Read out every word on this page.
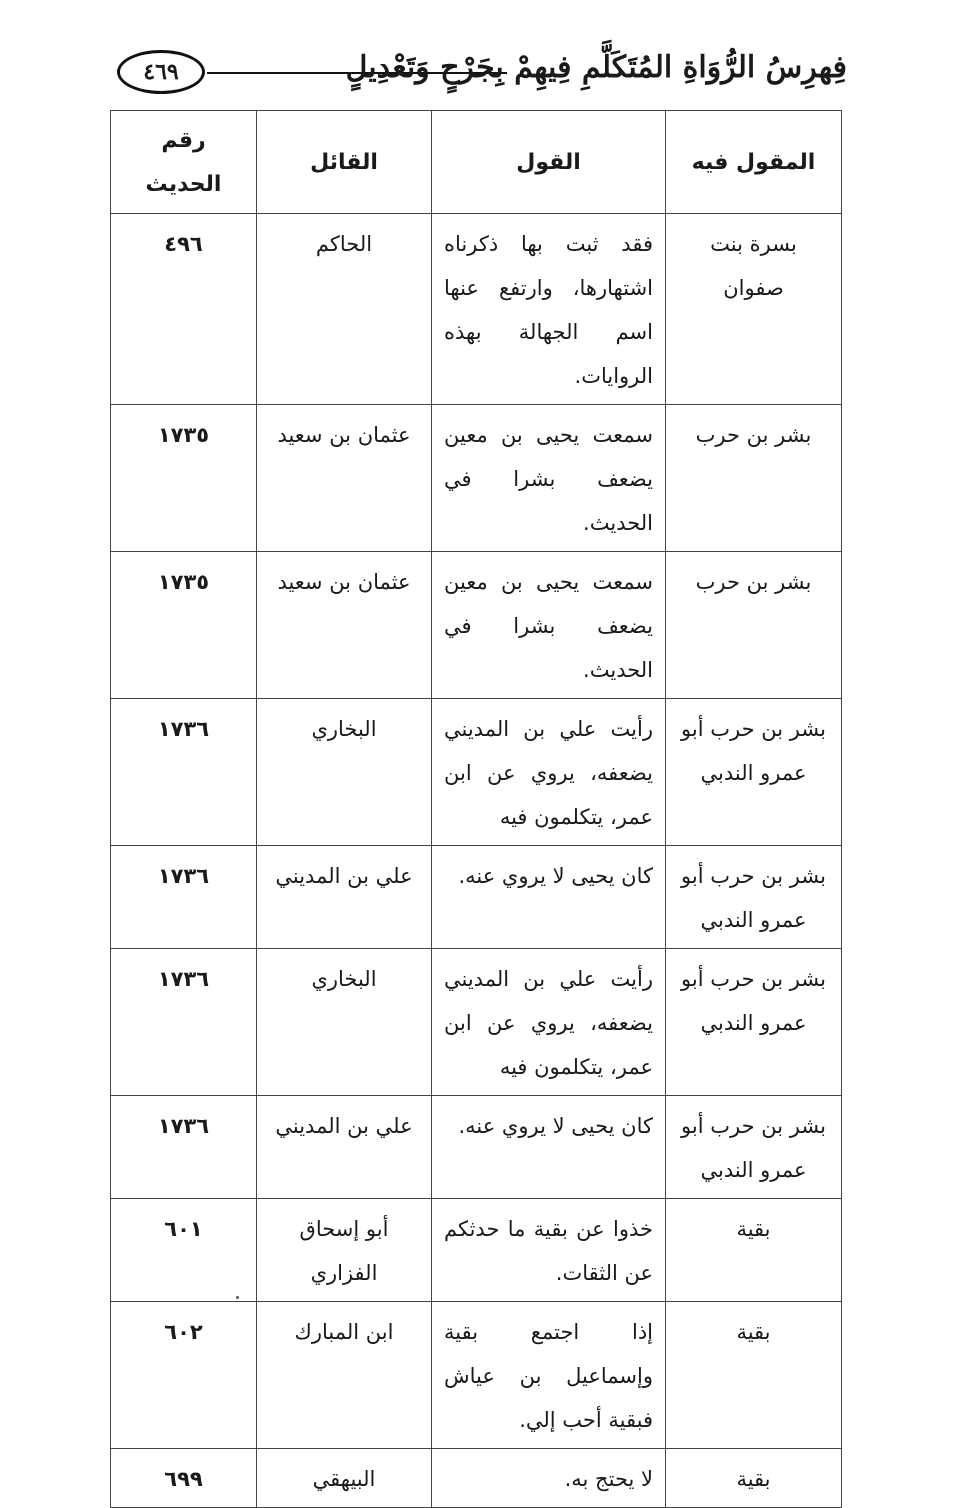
٤٦٩	فِهرِسُ الرُّوَاةِ المُتَكَلَّمِ فِيهِمْ بِجَرْحٍ وَتَعْدِيلٍ
المقول فيه	القول	القائل	رقم الحديث
بسرة بنت صفوان	فقد ثبت بها ذكرناه اشتهارها، وارتفع عنها اسم الجهالة بهذه الروايات.	الحاكم	٤٩٦
بشر بن حرب	سمعت يحيى بن معين يضعف بشرا في الحديث.	عثمان بن سعيد	١٧٣٥
بشر بن حرب	سمعت يحيى بن معين يضعف بشرا في الحديث.	عثمان بن سعيد	١٧٣٥
بشر بن حرب أبو عمرو الندبي	رأيت علي بن المديني يضعفه، يروي عن ابن عمر، يتكلمون فيه	البخاري	١٧٣٦
بشر بن حرب أبو عمرو الندبي	كان يحيى لا يروي عنه.	علي بن المديني	١٧٣٦
بشر بن حرب أبو عمرو الندبي	رأيت علي بن المديني يضعفه، يروي عن ابن عمر، يتكلمون فيه	البخاري	١٧٣٦
بشر بن حرب أبو عمرو الندبي	كان يحيى لا يروي عنه.	علي بن المديني	١٧٣٦
بقية	خذوا عن بقية ما حدثكم عن الثقات.	أبو إسحاق الفزاري	٦٠١
بقية	إذا اجتمع بقية وإسماعيل بن عياش فبقية أحب إلي.	ابن المبارك	٦٠٢
بقية	لا يحتج به.	البيهقي	٦٩٩
